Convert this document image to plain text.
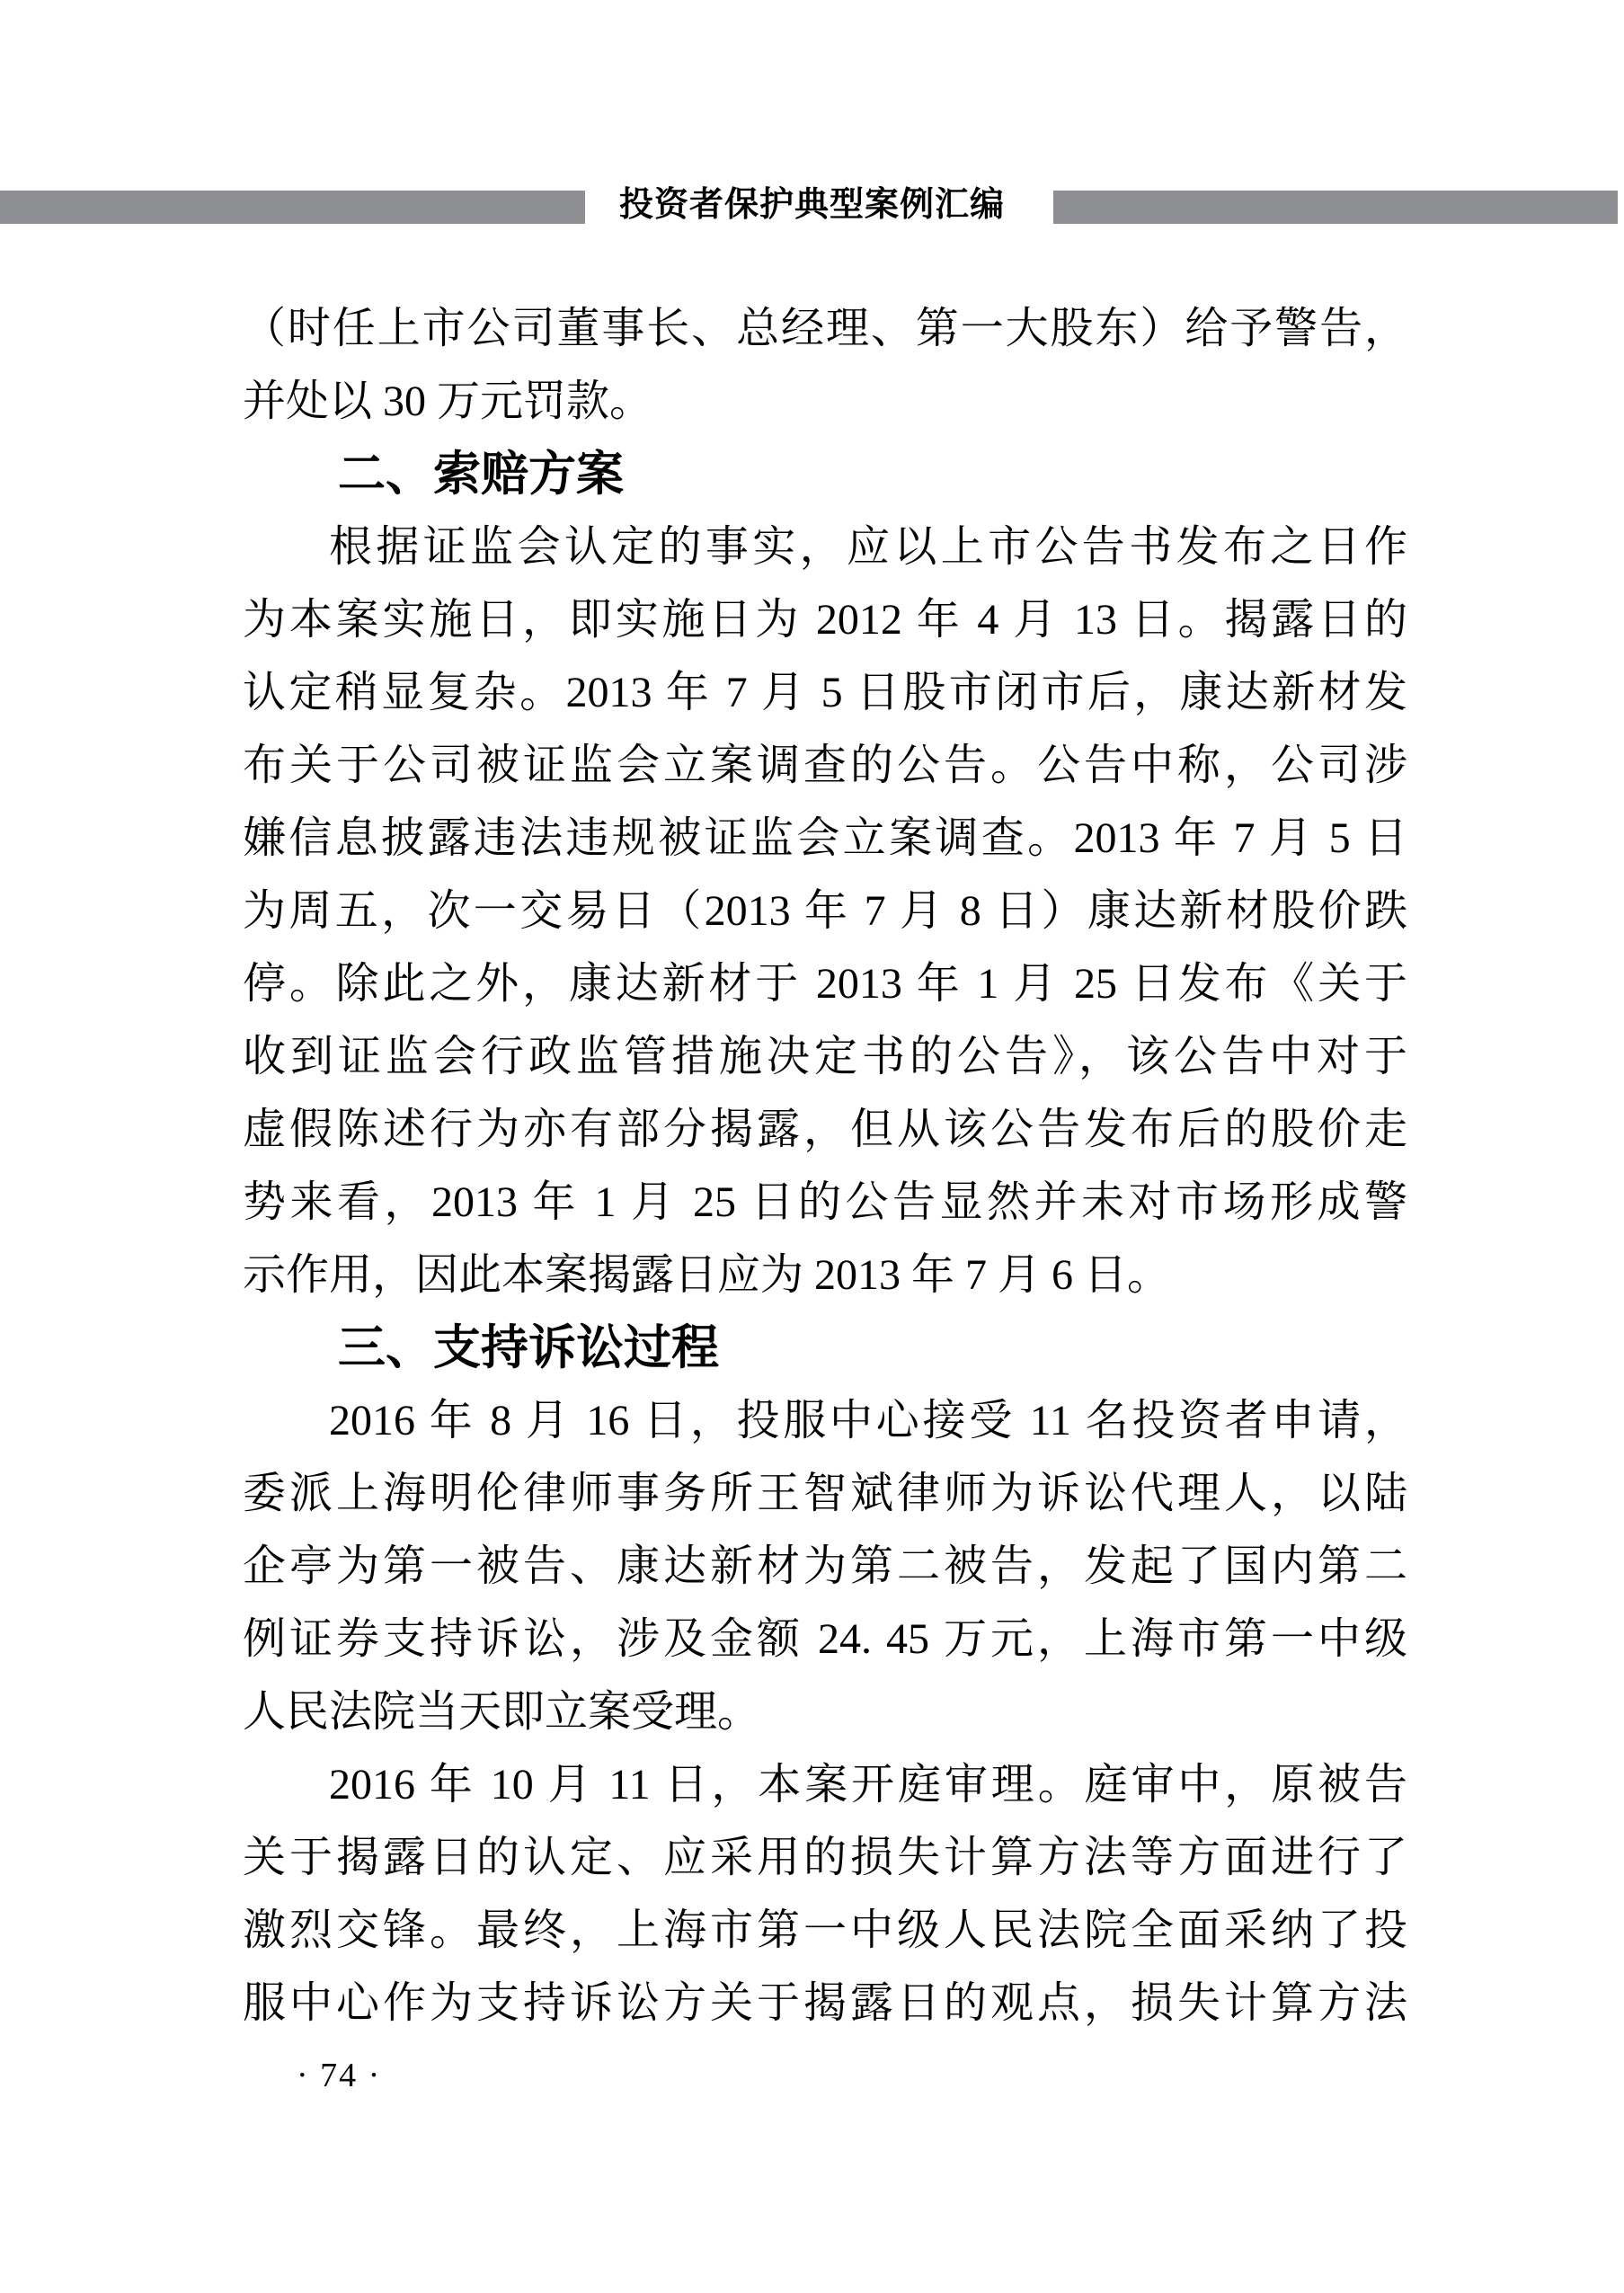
投资者保护典型案例汇编
（时任上市公司董事长、总经理、第一大股东）给予警告，
并处以 30 万元罚款。
二、索赔方案
根据证监会认定的事实，应以上市公告书发布之日作
为本案实施日，即实施日为 2012 年 4 月 13 日。揭露日的
认定稍显复杂。2013 年 7 月 5 日股市闭市后，康达新材发
布关于公司被证监会立案调查的公告。公告中称，公司涉
嫌信息披露违法违规被证监会立案调查。2013 年 7 月 5 日
为周五，次一交易日（2013 年 7 月 8 日）康达新材股价跌
停。除此之外，康达新材于 2013 年 1 月 25 日发布《关于
收到证监会行政监管措施决定书的公告》，该公告中对于
虚假陈述行为亦有部分揭露，但从该公告发布后的股价走
势来看，2013 年 1 月 25 日的公告显然并未对市场形成警
示作用，因此本案揭露日应为 2013 年 7 月 6 日。
三、支持诉讼过程
2016 年 8 月 16 日，投服中心接受 11 名投资者申请，
委派上海明伦律师事务所王智斌律师为诉讼代理人，以陆
企亭为第一被告、康达新材为第二被告，发起了国内第二
例证券支持诉讼，涉及金额 24. 45 万元，上海市第一中级
人民法院当天即立案受理。
2016 年 10 月 11 日，本案开庭审理。庭审中，原被告
关于揭露日的认定、应采用的损失计算方法等方面进行了
激烈交锋。最终，上海市第一中级人民法院全面采纳了投
服中心作为支持诉讼方关于揭露日的观点，损失计算方法
· 74 ·
